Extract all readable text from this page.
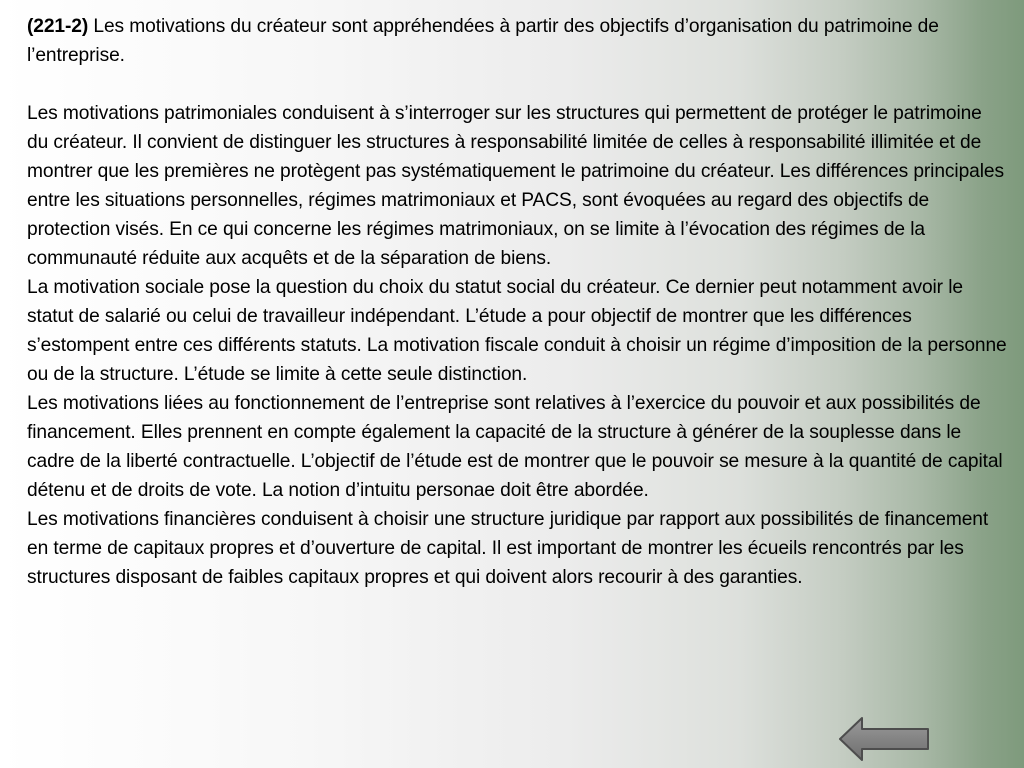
(221-2) Les motivations du créateur sont appréhendées à partir des objectifs d’organisation du patrimoine de l’entreprise.

Les motivations patrimoniales conduisent à s’interroger sur les structures qui permettent de protéger le patrimoine du créateur. Il convient de distinguer les structures à responsabilité limitée de celles à responsabilité illimitée et de montrer que les premières ne protègent pas systématiquement le patrimoine du créateur. Les différences principales entre les situations personnelles, régimes matrimoniaux et PACS, sont évoquées au regard des objectifs de protection visés. En ce qui concerne les régimes matrimoniaux, on se limite à l’évocation des régimes de la communauté réduite aux acquêts et de la séparation de biens.

La motivation sociale pose la question du choix du statut social du créateur. Ce dernier peut notamment avoir le statut de salarié ou celui de travailleur indépendant. L’étude a pour objectif de montrer que les différences s’estompent entre ces différents statuts. La motivation fiscale conduit à choisir un régime d’imposition de la personne ou de la structure. L’étude se limite à cette seule distinction.

Les motivations liées au fonctionnement de l’entreprise sont relatives à l’exercice du pouvoir et aux possibilités de financement. Elles prennent en compte également la capacité de la structure à générer de la souplesse dans le cadre de la liberté contractuelle. L’objectif de l’étude est de montrer que le pouvoir se mesure à la quantité de capital détenu et de droits de vote. La notion d’intuitu personae doit être abordée.

Les motivations financières conduisent à choisir une structure juridique par rapport aux possibilités de financement en terme de capitaux propres et d’ouverture de capital. Il est important de montrer les écueils rencontrés par les structures disposant de faibles capitaux propres et qui doivent alors recourir à des garanties.
